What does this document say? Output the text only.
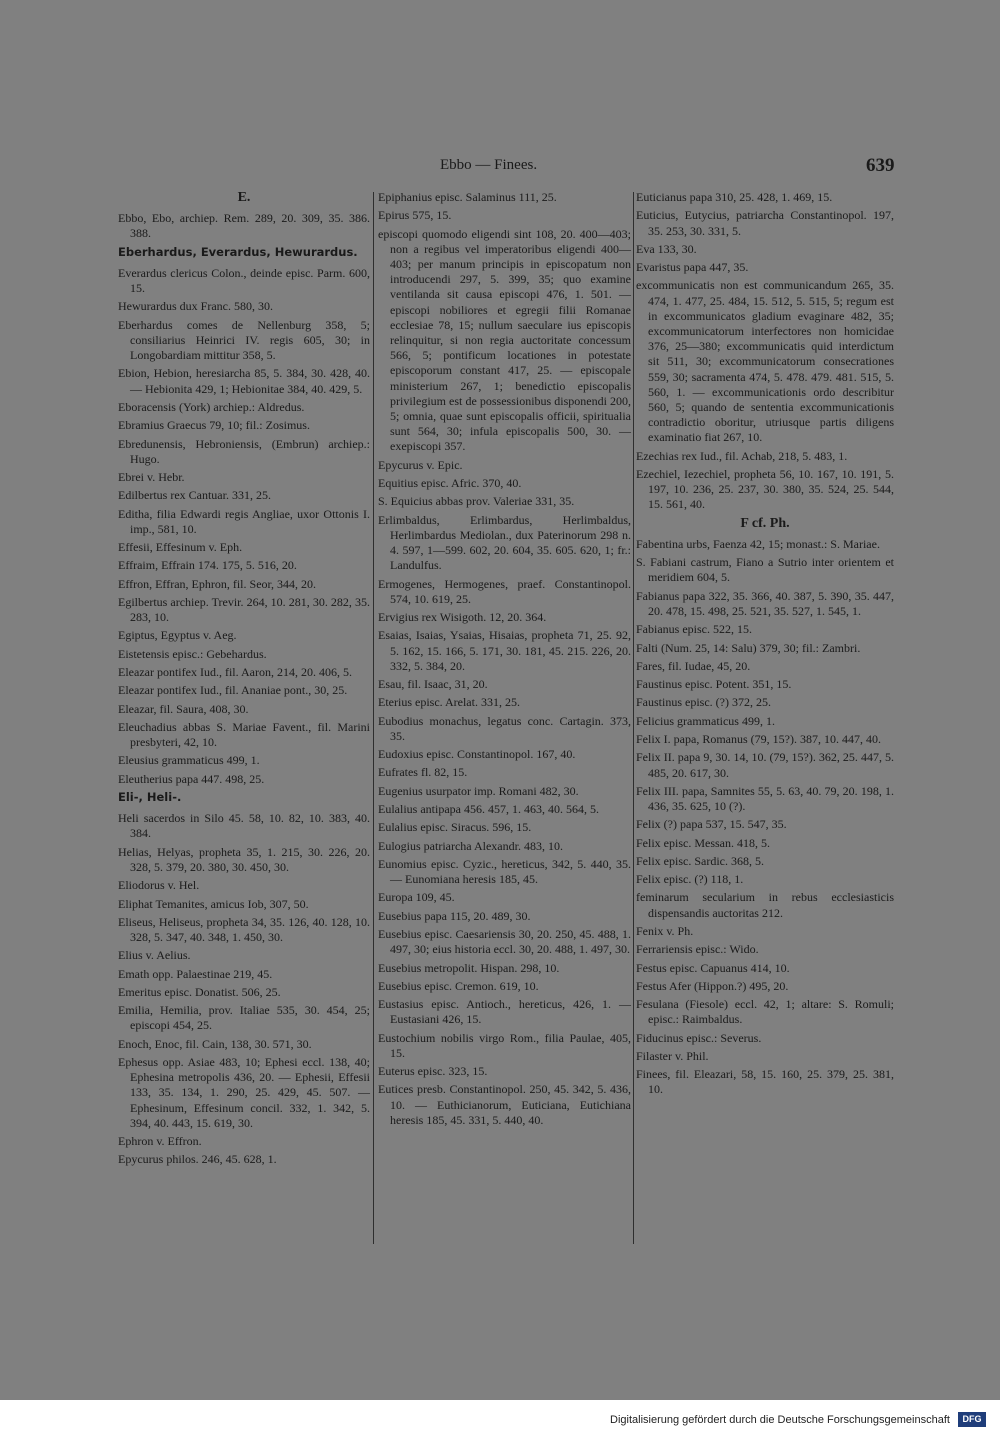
Ebbo — Finees.	639
E.
Ebbo, Ebo, archiep. Rem. 289, 20. 309, 35. 386. 388.
Eberhardus, Everardus, Hewurardus.
Everardus clericus Colon., deinde episc. Parm. 600, 15.
Hewurardus dux Franc. 580, 30.
Eberhardus comes de Nellenburg 358, 5; consiliarius Heinrici IV. regis 605, 30; in Longobardiam mittitur 358, 5.
Ebion, Hebion, heresiarcha 85, 5. 384, 30. 428, 40. — Hebionita 429, 1; Hebionitae 384, 40. 429, 5.
Eboracensis (York) archiep.: Aldredus.
Ebramius Graecus 79, 10; fil.: Zosimus.
Ebredunensis, Hebroniensis, (Embrun) archiep.: Hugo.
Ebrei v. Hebr.
Edilbertus rex Cantuar. 331, 25.
Editha, filia Edwardi regis Angliae, uxor Ottonis I. imp., 581, 10.
Effesii, Effesinum v. Eph.
Effraim, Effrain 174. 175, 5. 516, 20.
Effron, Effran, Ephron, fil. Seor, 344, 20.
Egilbertus archiep. Trevir. 264, 10. 281, 30. 282, 35. 283, 10.
Egiptus, Egyptus v. Aeg.
Eistetensis episc.: Gebehardus.
Eleazar pontifex Iud., fil. Aaron, 214, 20. 406, 5.
Eleazar pontifex Iud., fil. Ananiae pont., 30, 25.
Eleazar, fil. Saura, 408, 30.
Eleuchadius abbas S. Mariae Favent., fil. Marini presbyteri, 42, 10.
Eleusius grammaticus 499, 1.
Eleutherius papa 447. 498, 25.
Eli-, Heli-.
Heli sacerdos in Silo 45. 58, 10. 82, 10. 383, 40. 384.
Helias, Helyas, propheta 35, 1. 215, 30. 226, 20. 328, 5. 379, 20. 380, 30. 450, 30.
Eliodorus v. Hel.
Eliphat Temanites, amicus Iob, 307, 50.
Eliseus, Heliseus, propheta 34, 35. 126, 40. 128, 10. 328, 5. 347, 40. 348, 1. 450, 30.
Elius v. Aelius.
Emath opp. Palaestinae 219, 45.
Emeritus episc. Donatist. 506, 25.
Emilia, Hemilia, prov. Italiae 535, 30. 454, 25; episcopi 454, 25.
Enoch, Enoc, fil. Cain, 138, 30. 571, 30.
Ephesus opp. Asiae 483, 10; Ephesi eccl. 138, 40; Ephesina metropolis 436, 20. — Ephesii, Effesii 133, 35. 134, 1. 290, 25. 429, 45. 507. — Ephesinum, Effesinum concil. 332, 1. 342, 5. 394, 40. 443, 15. 619, 30.
Ephron v. Effron.
Epycurus philos. 246, 45. 628, 1.
Epiphanius episc. Salaminus 111, 25.
Epirus 575, 15.
episcopi quomodo eligendi sint 108, 20. 400—403; non a regibus vel imperatoribus eligendi 400—403; per manum principis in episcopatum non introducendi 297, 5. 399, 35; quo examine ventilanda sit causa episcopi 476, 1. 501. — episcopi nobiliores et egregii filii Romanae ecclesiae 78, 15; nullum saeculare ius episcopis relinquitur, si non regia auctoritate concessum 566, 5; pontificum locationes in potestate episcoporum constant 417, 25. — episcopale ministerium 267, 1; benedictio episcopalis privilegium est de possessionibus disponendi 200, 5; omnia, quae sunt episcopalis officii, spiritualia sunt 564, 30; infula episcopalis 500, 30. — exepiscopi 357.
Epycurus v. Epic.
Equitius episc. Afric. 370, 40.
S. Equicius abbas prov. Valeriae 331, 35.
Erlimbaldus, Erlimbardus, Herlimbaldus, Herlimbardus Mediolan., dux Paterinorum 298 n. 4. 597, 1—599. 602, 20. 604, 35. 605. 620, 1; fr.: Landulfus.
Ermogenes, Hermogenes, praef. Constantinopol. 574, 10. 619, 25.
Ervigius rex Wisigoth. 12, 20. 364.
Esaias, Isaias, Ysaias, Hisaias, propheta 71, 25. 92, 5. 162, 15. 166, 5. 171, 30. 181, 45. 215. 226, 20. 332, 5. 384, 20.
Esau, fil. Isaac, 31, 20.
Eterius episc. Arelat. 331, 25.
Eubodius monachus, legatus conc. Cartagin. 373, 35.
Eudoxius episc. Constantinopol. 167, 40.
Eufrates fl. 82, 15.
Eugenius usurpator imp. Romani 482, 30.
Eulalius antipapa 456. 457, 1. 463, 40. 564, 5.
Eulalius episc. Siracus. 596, 15.
Eulogius patriarcha Alexandr. 483, 10.
Eunomius episc. Cyzic., hereticus, 342, 5. 440, 35. — Eunomiana heresis 185, 45.
Europa 109, 45.
Eusebius papa 115, 20. 489, 30.
Eusebius episc. Caesariensis 30, 20. 250, 45. 488, 1. 497, 30; eius historia eccl. 30, 20. 488, 1. 497, 30.
Eusebius metropolit. Hispan. 298, 10.
Eusebius episc. Cremon. 619, 10.
Eustasius episc. Antioch., hereticus, 426, 1. — Eustasiani 426, 15.
Eustochium nobilis virgo Rom., filia Paulae, 405, 15.
Euterus episc. 323, 15.
Eutices presb. Constantinopol. 250, 45. 342, 5. 436, 10. — Euthicianorum, Euticiana, Eutichiana heresis 185, 45. 331, 5. 440, 40.
Euticianus papa 310, 25. 428, 1. 469, 15.
Euticius, Eutycius, patriarcha Constantinopol. 197, 35. 253, 30. 331, 5.
Eva 133, 30.
Evaristus papa 447, 35.
excommunicatis non est communicandum 265, 35. 474, 1. 477, 25. 484, 15. 512, 5. 515, 5; regum est in excommunicatos gladium evaginare 482, 35; excommunicatorum interfectores non homicidae 376, 25—380; excommunicatis quid interdictum sit 511, 30; excommunicatorum consecrationes 559, 30; sacramenta 474, 5. 478. 479. 481. 515, 5. 560, 1. — excommunicationis ordo describitur 560, 5; quando de sententia excommunicationis contradictio oboritur, utriusque partis diligens examinatio fiat 267, 10.
Ezechias rex Iud., fil. Achab, 218, 5. 483, 1.
Ezechiel, Iezechiel, propheta 56, 10. 167, 10. 191, 5. 197, 10. 236, 25. 237, 30. 380, 35. 524, 25. 544, 15. 561, 40.
F cf. Ph.
Fabentina urbs, Faenza 42, 15; monast.: S. Mariae.
S. Fabiani castrum, Fiano a Sutrio inter orientem et meridiem 604, 5.
Fabianus papa 322, 35. 366, 40. 387, 5. 390, 35. 447, 20. 478, 15. 498, 25. 521, 35. 527, 1. 545, 1.
Fabianus episc. 522, 15.
Falti (Num. 25, 14: Salu) 379, 30; fil.: Zambri.
Fares, fil. Iudae, 45, 20.
Faustinus episc. Potent. 351, 15.
Faustinus episc. (?) 372, 25.
Felicius grammaticus 499, 1.
Felix I. papa, Romanus (79, 15?). 387, 10. 447, 40.
Felix II. papa 9, 30. 14, 10. (79, 15?). 362, 25. 447, 5. 485, 20. 617, 30.
Felix III. papa, Samnites 55, 5. 63, 40. 79, 20. 198, 1. 436, 35. 625, 10 (?).
Felix (?) papa 537, 15. 547, 35.
Felix episc. Messan. 418, 5.
Felix episc. Sardic. 368, 5.
Felix episc. (?) 118, 1.
feminarum secularium in rebus ecclesiasticis dispensandis auctoritas 212.
Fenix v. Ph.
Ferrariensis episc.: Wido.
Festus episc. Capuanus 414, 10.
Festus Afer (Hippon.?) 495, 20.
Fesulana (Fiesole) eccl. 42, 1; altare: S. Romuli; episc.: Raimbaldus.
Fiducinus episc.: Severus.
Filaster v. Phil.
Finees, fil. Eleazari, 58, 15. 160, 25. 379, 25. 381, 10.
Digitalisierung gefördert durch die Deutsche Forschungsgemeinschaft	DFG
